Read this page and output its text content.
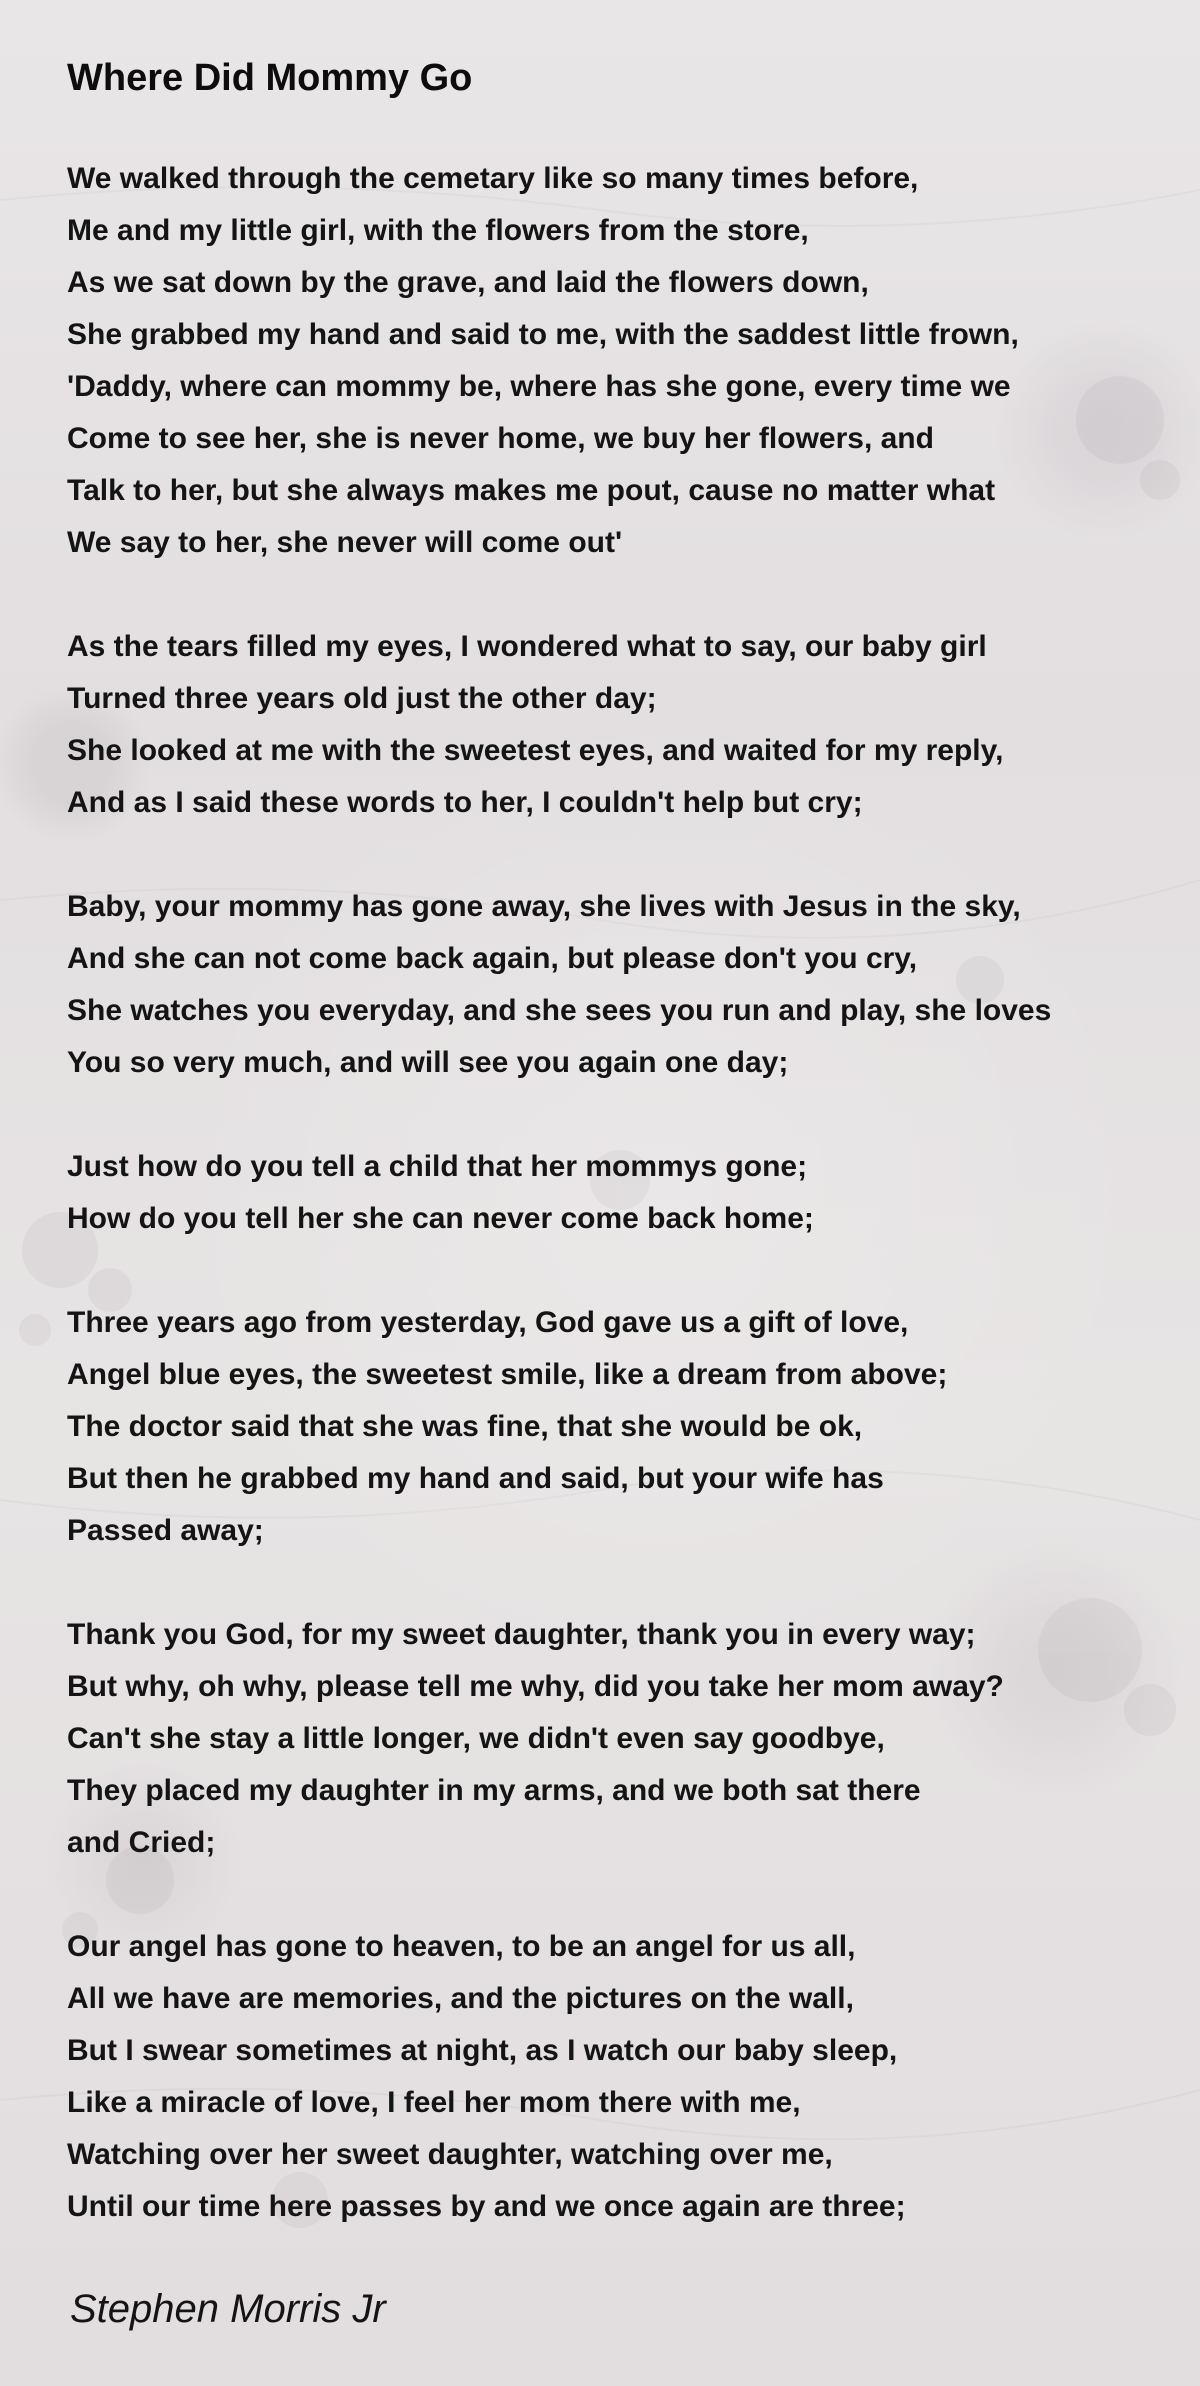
Where Did Mommy Go
We walked through the cemetary like so many times before,
Me and my little girl, with the flowers from the store,
As we sat down by the grave, and laid the flowers down,
She grabbed my hand and said to me, with the saddest little frown,
'Daddy, where can mommy be, where has she gone, every time we
Come to see her, she is never home, we buy her flowers, and
Talk to her, but she always makes me pout, cause no matter what
We say to her, she never will come out'
As the tears filled my eyes, I wondered what to say, our baby girl
Turned three years old just the other day;
She looked at me with the sweetest eyes, and waited for my reply,
And as I said these words to her, I couldn't help but cry;
Baby, your mommy has gone away, she lives with Jesus in the sky,
And she can not come back again, but please don't you cry,
She watches you everyday, and she sees you run and play, she loves
You so very much, and will see you again one day;
Just how do you tell a child that her mommys gone;
How do you tell her she can never come back home;
Three years ago from yesterday, God gave us a gift of love,
Angel blue eyes, the sweetest smile, like a dream from above;
The doctor said that she was fine, that she would be ok,
But then he grabbed my hand and said, but your wife has
Passed away;
Thank you God, for my sweet daughter, thank you in every way;
But why, oh why, please tell me why, did you take her mom away?
Can't she stay a little longer, we didn't even say goodbye,
They placed my daughter in my arms, and we both sat there
and Cried;
Our angel has gone to heaven, to be an angel for us all,
All we have are memories, and the pictures on the wall,
But I swear sometimes at night, as I watch our baby sleep,
Like a miracle of love, I feel her mom there with me,
Watching over her sweet daughter, watching over me,
Until our time here passes by and we once again are three;
Stephen Morris Jr
